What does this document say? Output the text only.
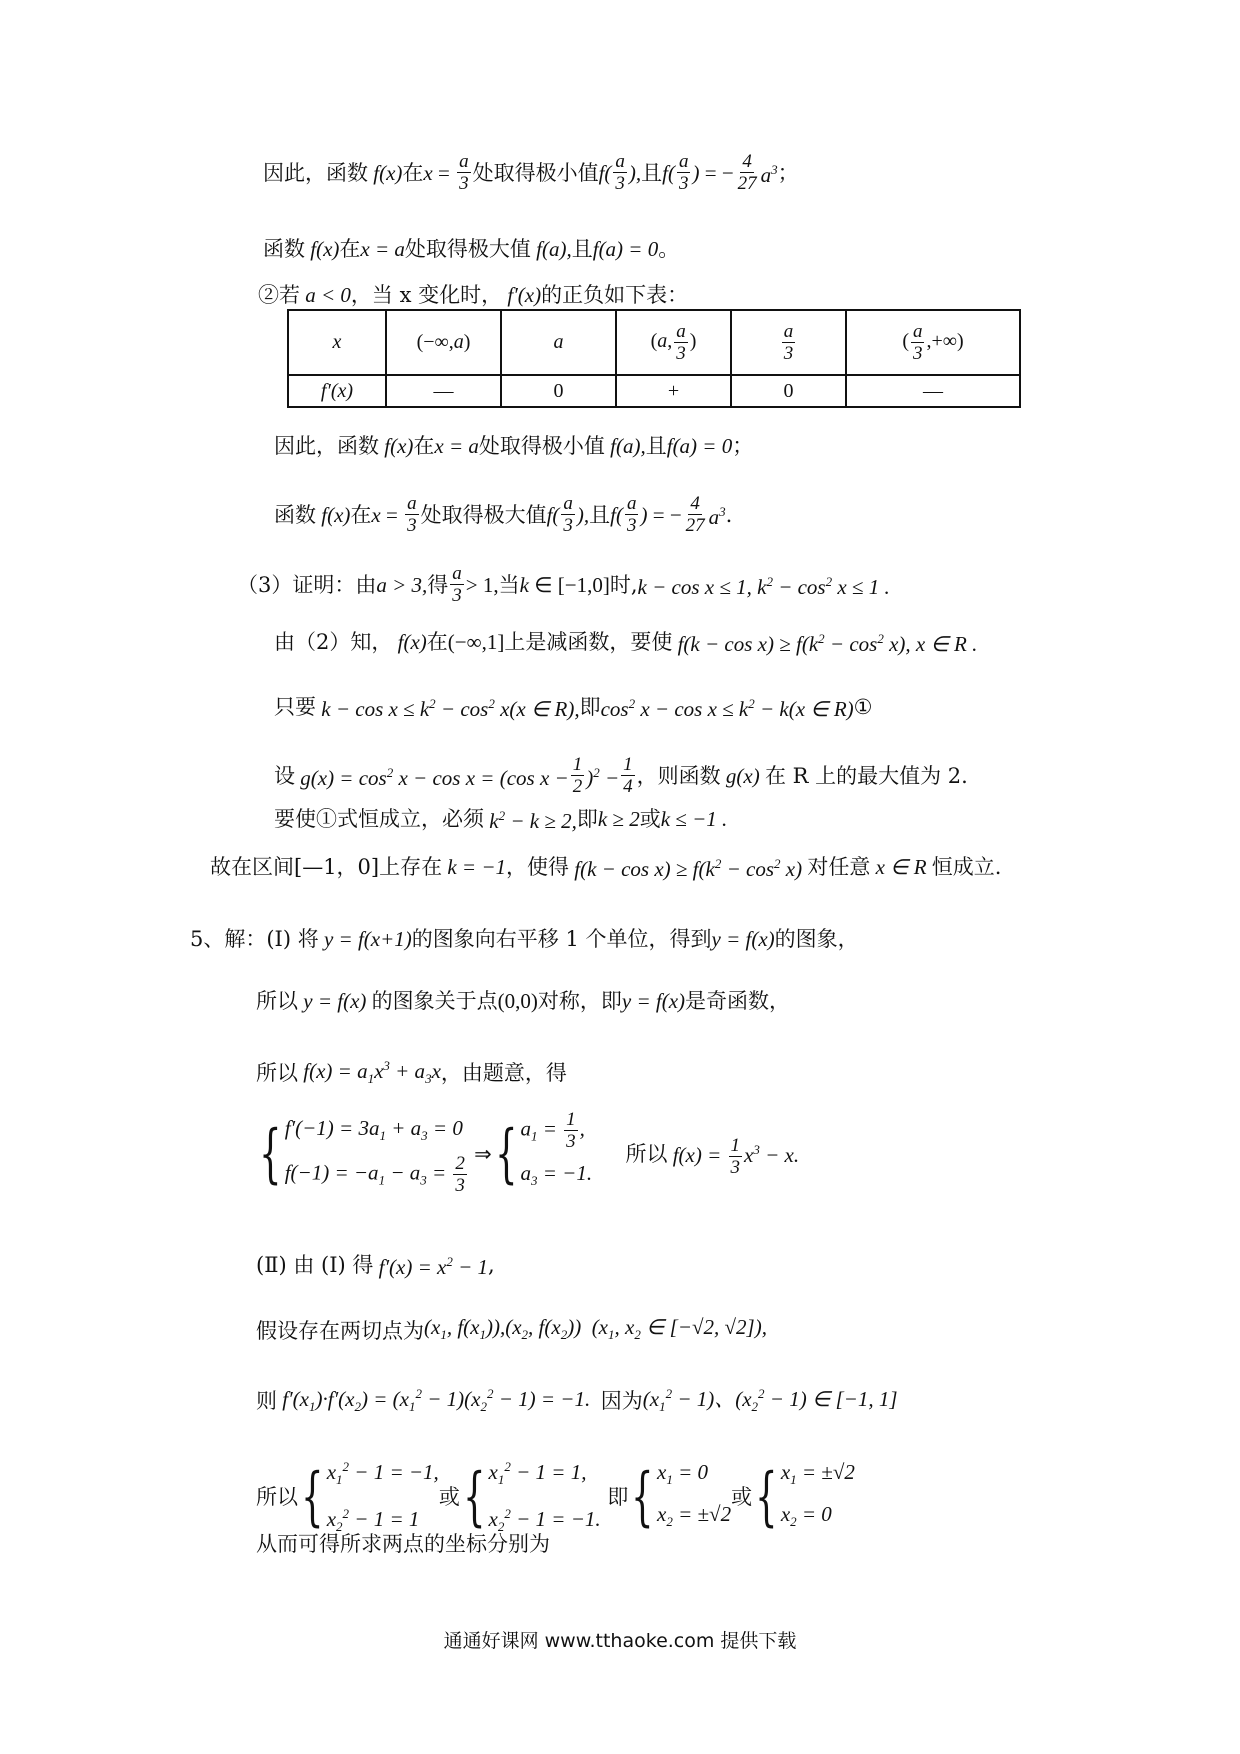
因此，函数 f(x) 在 $x = \frac{a}{3}$ 处取得极小值 $f( \frac{a}{3}$ ), 且 $f( \frac{a}{3}$ ) = − $\frac{4}{27} a^3$ ；
函数 f(x) 在 x = a 处取得极大值 f(a), 且 f(a) = 0 。
②若 a < 0 ，当 x 变化时， f′(x) 的正负如下表：
x	(−∞,a)	a	(a, $\frac{a}{3}$ )	$\frac{a}{3}$	( $\frac{a}{3}$ ,+∞)
f′(x)	—	0	+	0	—
因此，函数 f(x) 在 x = a 处取得极小值 f(a), 且 f(a) = 0 ；
函数 f(x) 在 $x = \frac{a}{3}$ 处取得极大值 $f( \frac{a}{3}$ ), 且 $f( \frac{a}{3}$ ) = − $\frac{4}{27} a^3$ .
（3）证明：由 a > 3, 得 $\frac{a}{3} > 1$, 当 k ∈ [−1,0] 时, k − cos x ≤ 1, $k^2 - \cos^2 x \le 1$ .
由（2）知， f(x) 在 (−∞,1] 上是减函数，要使 $f(k - \cos x) \ge f(k^2 - \cos^2 x)$, x ∈ R .
只要 $k - \cos x \le k^2 - \cos^2 x(x$ ∈ R), 即 $\cos^2 x - \cos x \le k^2 - k(x$ ∈ R) ①
设 $g(x) = \cos^2 x - \cos x = (\cos$ $x - \frac{1}{2} )^2 - \frac{1}{4}$ ，则函数 g(x) 在 R 上的最大值为 2.
要使①式恒成立，必须 $k^2 - k \ge 2$, 即 k ≥ 2 或 k ≤ −1 .
故在区间[—1，0]上存在 k = −1 ，使得 $f(k - \cos x) \ge f(k^2 - \cos^2 x)$ 对任意 x ∈ R 恒成立.
5、解：(Ⅰ) 将 y = f(x+1) 的图象向右平移 1 个单位，得到 y = f(x) 的图象，
所以 y = f(x) 的图象关于点 (0,0) 对称，即 y = f(x) 是奇函数，
所以 $f(x) = a_1x^3 + a_3x$ ，由题意，得
{ $f'(-1) = 3a_1 + a_3 = 0$
$f(-1) = -a_1 - a_3 = \frac{2}{3}$ ⇒ { $a_1 = \frac{1}{3}$ ,
$a_3 = -1$.

所以 $f(x) = \frac{1}{3} x^3 - x$.
(Ⅱ) 由 (Ⅰ) 得 $f'(x) = x^2 - 1$ ,
假设存在两切点为 ($x_1$, $f(x_1)),(x_2$, $f(x_2)$)  ($x_1$, $x_2$ ∈ [−√2, √2]),
则 $f'(x_1)\cdot f'(x_2) = (x_1^2 - 1)(x_2^2 - 1) = -1$. 因为 $(x_1^2 - 1)$、$(x_2^2 - 1)$ ∈ [−1, 1]
所以 { $x_1^2 - 1 = -1$,
$x_2^2 - 1 = 1$
或 { $x_1^2 - 1 = 1$,
$x_2^2 - 1 = -1$.

即 { $x_1 = 0$
$x_2 = \pm√2$
或 { $x_1 = \pm√2$
$x_2 = 0$
从而可得所求两点的坐标分别为
通通好课网 www.tthaoke.com 提供下载
